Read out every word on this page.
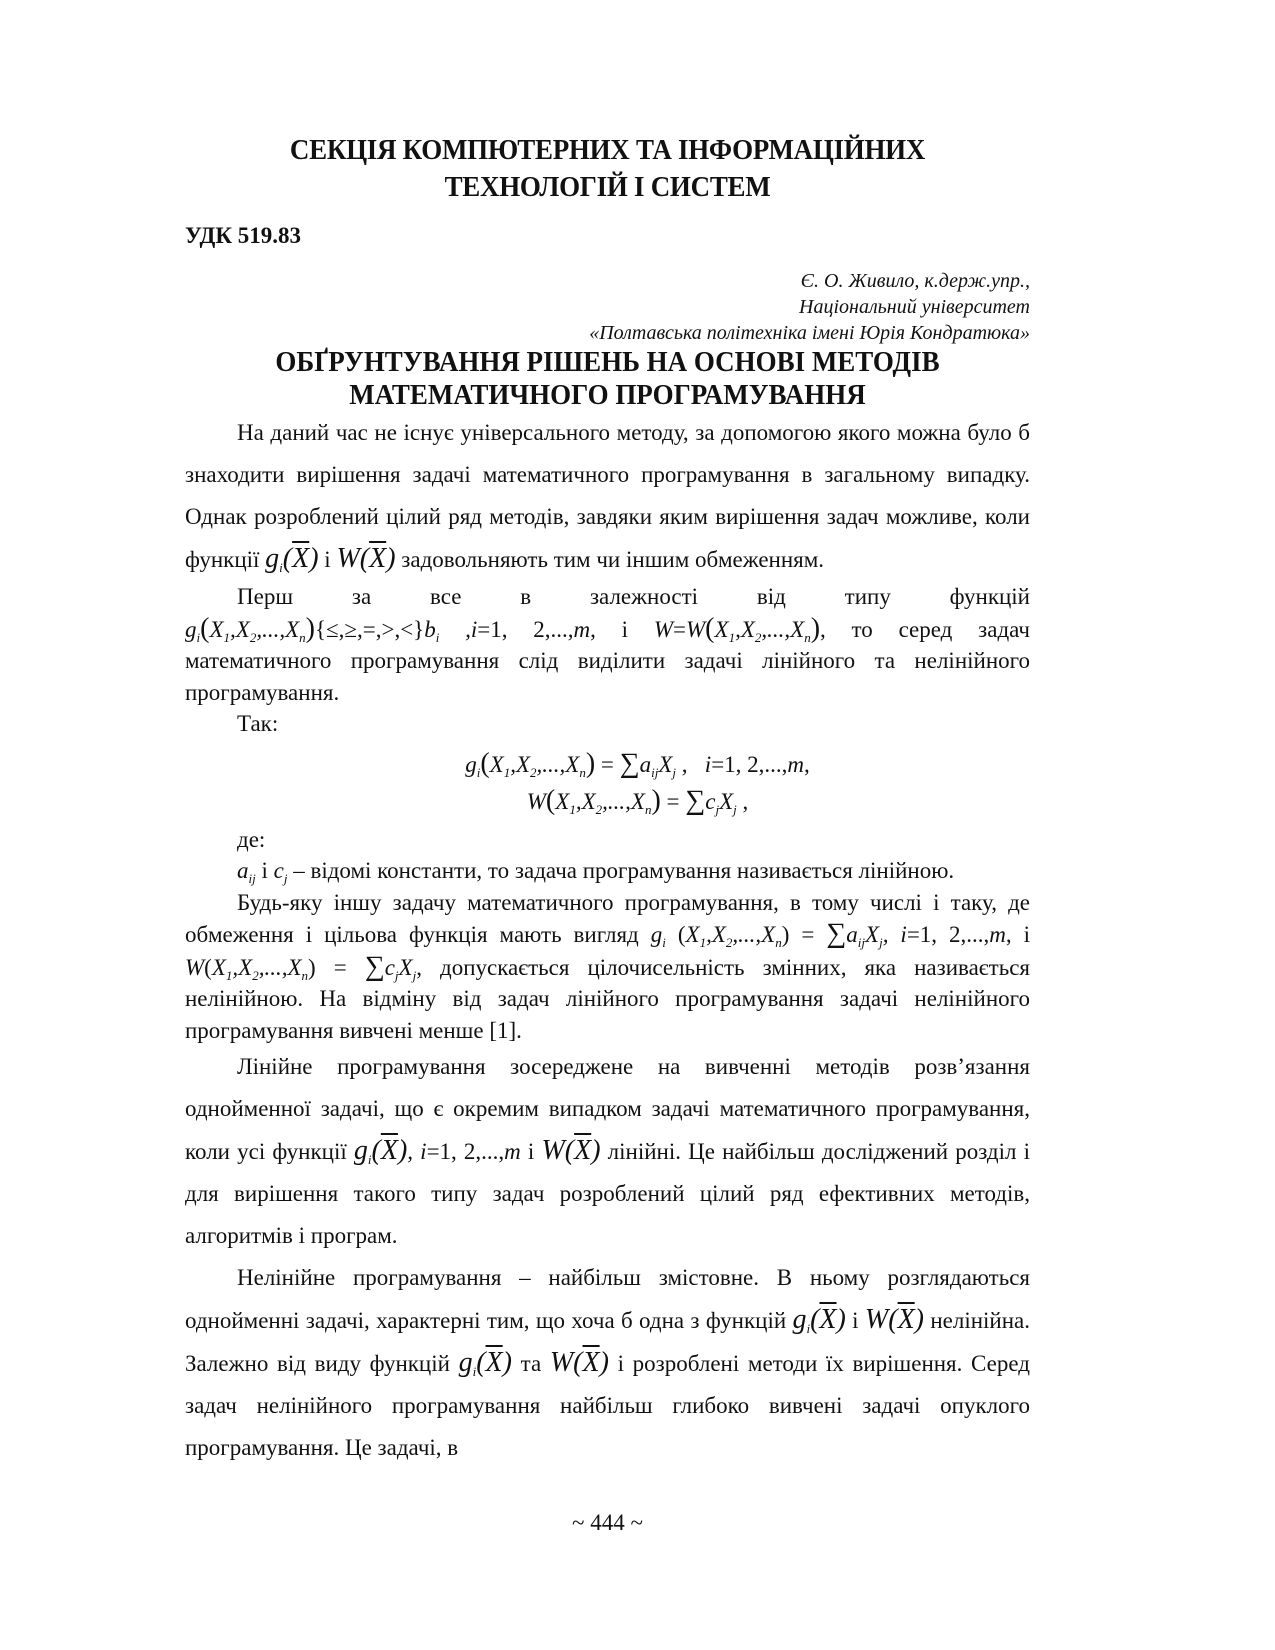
СЕКЦІЯ КОМПЮТЕРНИХ ТА ІНФОРМАЦІЙНИХ
ТЕХНОЛОГІЙ І СИСТЕМ
УДК 519.83
Є. О. Живило, к.держ.упр.,
Національний університет
«Полтавська політехніка імені Юрія Кондратюка»
ОБҐРУНТУВАННЯ РІШЕНЬ НА ОСНОВІ МЕТОДІВ
МАТЕМАТИЧНОГО ПРОГРАМУВАННЯ

На даний час не існує універсального методу, за допомогою якого можна було б знаходити вирішення задачі математичного програмування в загальному випадку. Однак розроблений цілий ряд методів, завдяки яким вирішення задач можливе, коли функції $g_i(\overline{X})$ і $W(\overline{X})$ задовольняють тим чи іншим обмеженням.

Перш за все в залежності від типу функцій $g_i(X_1,X_2,...,X_n)\{\le,\ge,=,>,<\}b_i$ ,i=1, 2,...,m, і $W=W(X_1,X_2,...,X_n)$, то серед задач математичного програмування слід виділити задачі лінійного та нелінійного програмування.

Так:

$g_i(X_1,X_2,...,X_n) = \sum a_{ij}X_j$ ,   i=1, 2,...,m,
$W(X_1,X_2,...,X_n) = \sum c_jX_j$ ,

де:

$a_{ij}$ і $c_j$ – відомі константи, то задача програмування називається лінійною.

Будь-яку іншу задачу математичного програмування, в тому числі і таку, де обмеження і цільова функція мають вигляд $g_i$ $(X_1,X_2,...,X_n) = \sum a_{ij}X_j$, i=1, 2,...,m, і $W(X_1,X_2,...,X_n) = \sum c_jX_j$, допускається цілочисельність змінних, яка називається нелінійною. На відміну від задач лінійного програмування задачі нелінійного програмування вивчені менше [1].

Лінійне програмування зосереджене на вивченні методів розв’язання однойменної задачі, що є окремим випадком задачі математичного програмування, коли усі функції $g_i(\overline{X})$, i=1, 2,...,m і $W(\overline{X})$ лінійні. Це найбільш досліджений розділ і для вирішення такого типу задач розроблений цілий ряд ефективних методів, алгоритмів і програм.

Нелінійне програмування – найбільш змістовне. В ньому розглядаються однойменні задачі, характерні тим, що хоча б одна з функцій $g_i(\overline{X})$ і $W(\overline{X})$ нелінійна. Залежно від виду функцій $g_i(\overline{X})$ та $W(\overline{X})$ і розроблені методи їх вирішення. Серед задач нелінійного програмування найбільш глибоко вивчені задачі опуклого програмування. Це задачі, в

~ 444 ~
